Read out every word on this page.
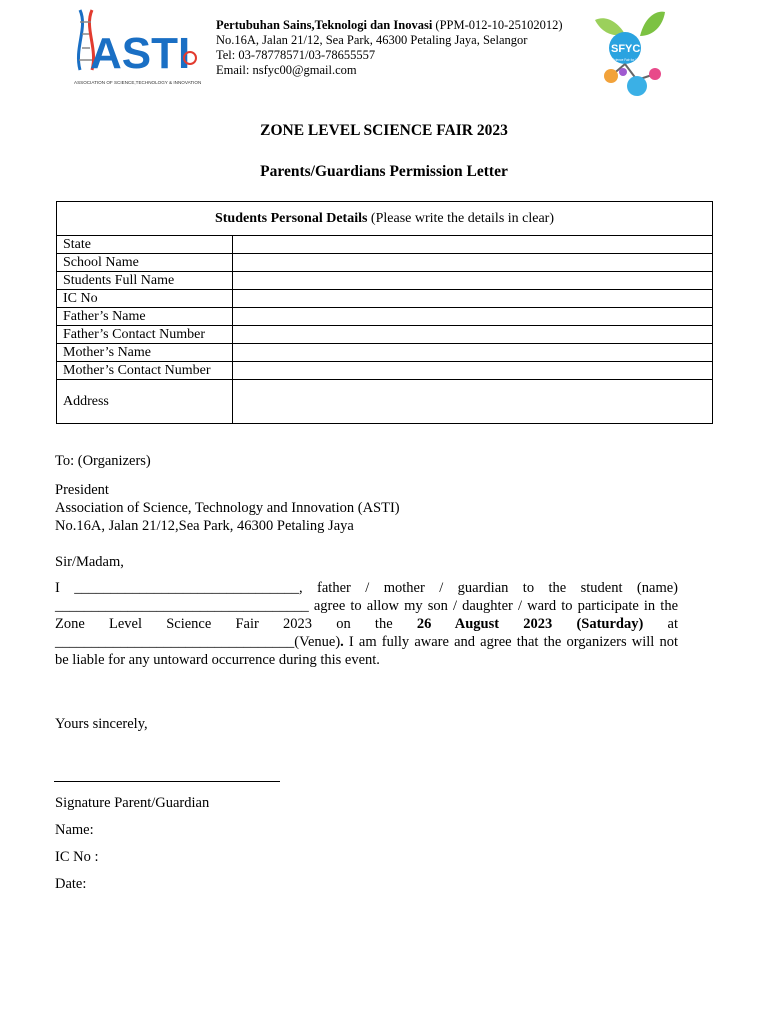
ASTI
ASSOCIATION OF SCIENCE,TECHNOLOGY & INNOVATION
Pertubuhan Sains,Teknologi dan Inovasi (PPM-012-10-25102012)
No.16A, Jalan 21/12, Sea Park, 46300 Petaling Jaya, Selangor
Tel: 03-78778571/03-78655557
Email: nsfyc00@gmail.com
SFYC
Science Fair for Young Children
ZONE LEVEL SCIENCE FAIR 2023
Parents/Guardians Permission Letter
Students Personal Details (Please write the details in clear)	
State	
School Name	
Students Full Name	
IC No	
Father’s Name	
Father’s Contact Number	
Mother’s Name	
Mother’s Contact Number	
Address	
To: (Organizers)
President
Association of Science, Technology and Innovation (ASTI)
No.16A, Jalan 21/12,Sea Park, 46300 Petaling Jaya
Sir/Madam,
I _______________________________, father / mother / guardian to the student (name) ___________________________________ agree to allow my son / daughter / ward to participate in the Zone Level Science Fair 2023 on the 26 August 2023 (Saturday) at _________________________________(Venue). I am fully aware and agree that the organizers will not be liable for any untoward occurrence during this event.
Yours sincerely,
Signature Parent/Guardian
Name:
IC No :
Date:
